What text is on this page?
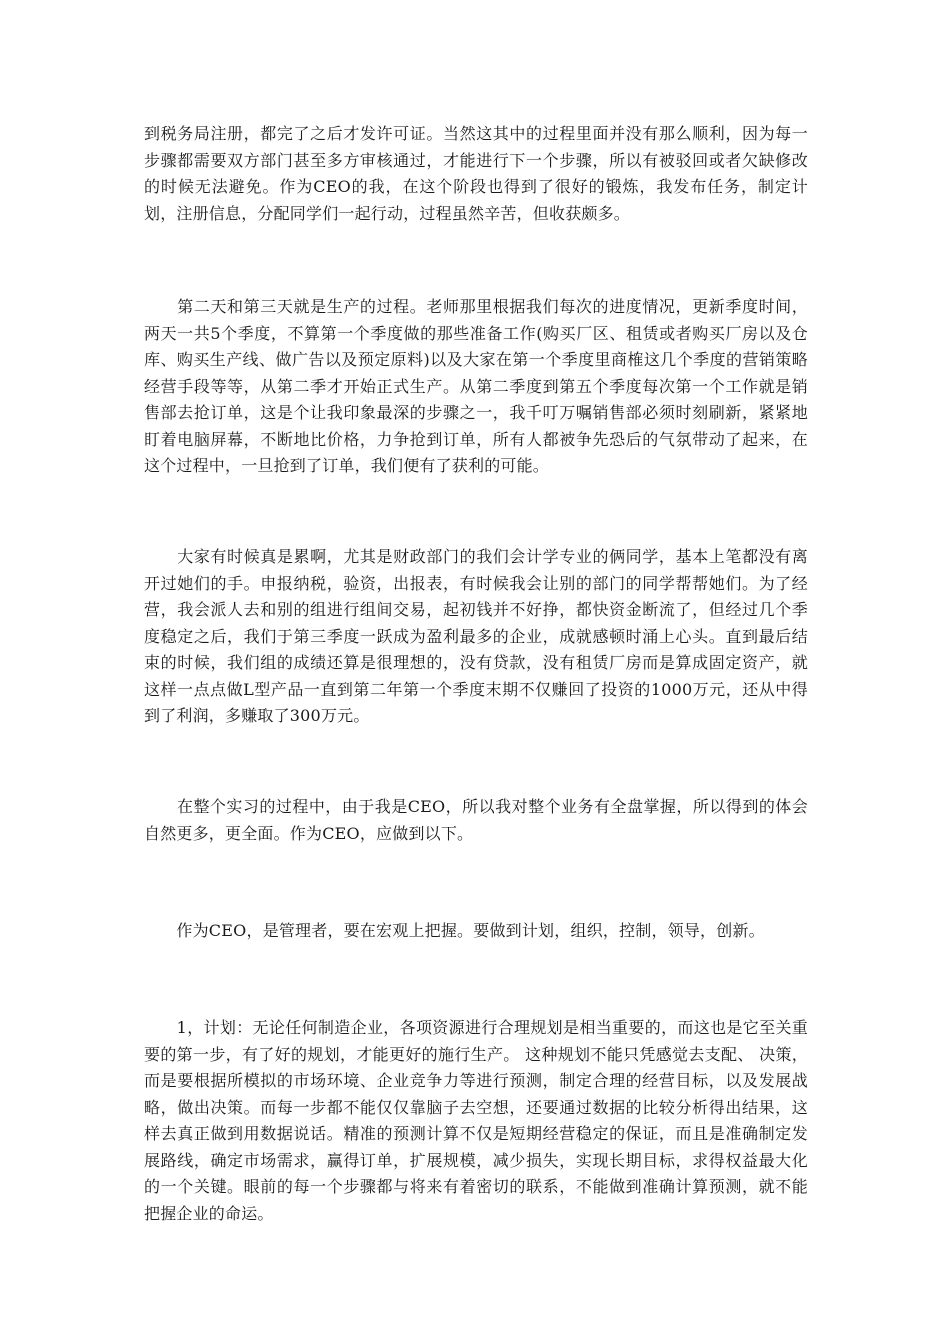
到税务局注册，都完了之后才发许可证。当然这其中的过程里面并没有那么顺利，因为每一步骤都需要双方部门甚至多方审核通过，才能进行下一个步骤，所以有被驳回或者欠缺修改的时候无法避免。作为CEO的我，在这个阶段也得到了很好的锻炼，我发布任务，制定计划，注册信息，分配同学们一起行动，过程虽然辛苦，但收获颇多。

　　第二天和第三天就是生产的过程。老师那里根据我们每次的进度情况，更新季度时间，两天一共5个季度，不算第一个季度做的那些准备工作(购买厂区、租赁或者购买厂房以及仓库、购买生产线、做广告以及预定原料)以及大家在第一个季度里商榷这几个季度的营销策略经营手段等等，从第二季才开始正式生产。从第二季度到第五个季度每次第一个工作就是销售部去抢订单，这是个让我印象最深的步骤之一，我千叮万嘱销售部必须时刻刷新，紧紧地盯着电脑屏幕，不断地比价格，力争抢到订单，所有人都被争先恐后的气氛带动了起来，在这个过程中，一旦抢到了订单，我们便有了获利的可能。

　　大家有时候真是累啊，尤其是财政部门的我们会计学专业的俩同学，基本上笔都没有离开过她们的手。申报纳税，验资，出报表，有时候我会让别的部门的同学帮帮她们。为了经营，我会派人去和别的组进行组间交易，起初钱并不好挣，都快资金断流了，但经过几个季度稳定之后，我们于第三季度一跃成为盈利最多的企业，成就感顿时涌上心头。直到最后结束的时候，我们组的成绩还算是很理想的，没有贷款，没有租赁厂房而是算成固定资产，就这样一点点做L型产品一直到第二年第一个季度末期不仅赚回了投资的1000万元，还从中得到了利润，多赚取了300万元。

　　在整个实习的过程中，由于我是CEO，所以我对整个业务有全盘掌握，所以得到的体会自然更多，更全面。作为CEO，应做到以下。

　　作为CEO，是管理者，要在宏观上把握。要做到计划，组织，控制，领导，创新。

　　1，计划：无论任何制造企业，各项资源进行合理规划是相当重要的，而这也是它至关重要的第一步，有了好的规划，才能更好的施行生产。 这种规划不能只凭感觉去支配、 决策， 而是要根据所模拟的市场环境、企业竞争力等进行预测，制定合理的经营目标，以及发展战略，做出决策。而每一步都不能仅仅靠脑子去空想，还要通过数据的比较分析得出结果，这样去真正做到用数据说话。精准的预测计算不仅是短期经营稳定的保证，而且是准确制定发展路线，确定市场需求，赢得订单，扩展规模，减少损失，实现长期目标，求得权益最大化的一个关键。眼前的每一个步骤都与将来有着密切的联系，不能做到准确计算预测，就不能把握企业的命运。
